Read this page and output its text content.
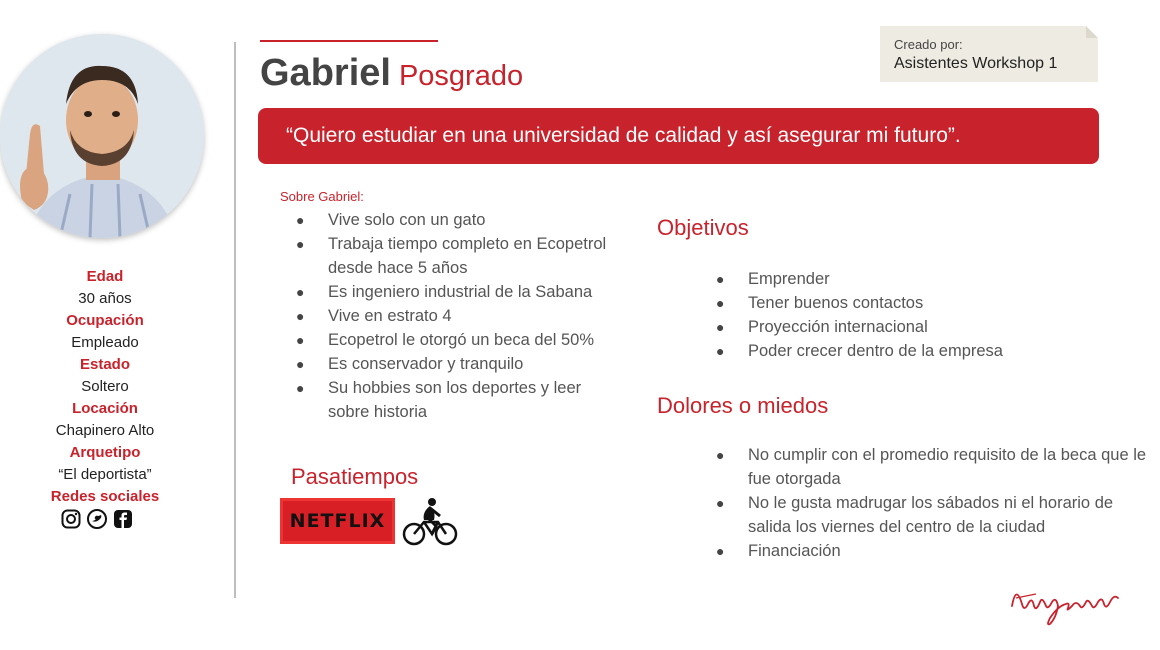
Edad
30 años
Ocupación
Empleado
Estado
Soltero
Locación
Chapinero Alto
Arquetipo
“El deportista”
Redes sociales
Gabriel Posgrado
Creado por:
Asistentes Workshop 1
“Quiero estudiar en una universidad de calidad y así asegurar mi futuro”.
Sobre Gabriel:
● Vive solo con un gato
● Trabaja tiempo completo en Ecopetrol desde hace 5 años
● Es ingeniero industrial de la Sabana
● Vive en estrato 4
● Ecopetrol le otorgó un beca del 50%
● Es conservador y tranquilo
● Su hobbies son los deportes y leer sobre historia
Pasatiempos
NETFLIX
Objetivos
● Emprender
● Tener buenos contactos
● Proyección internacional
● Poder crecer dentro de la empresa
Dolores o miedos
● No cumplir con el promedio requisito de la beca que le fue otorgada
● No le gusta madrugar los sábados ni el horario de salida los viernes del centro de la ciudad
● Financiación
